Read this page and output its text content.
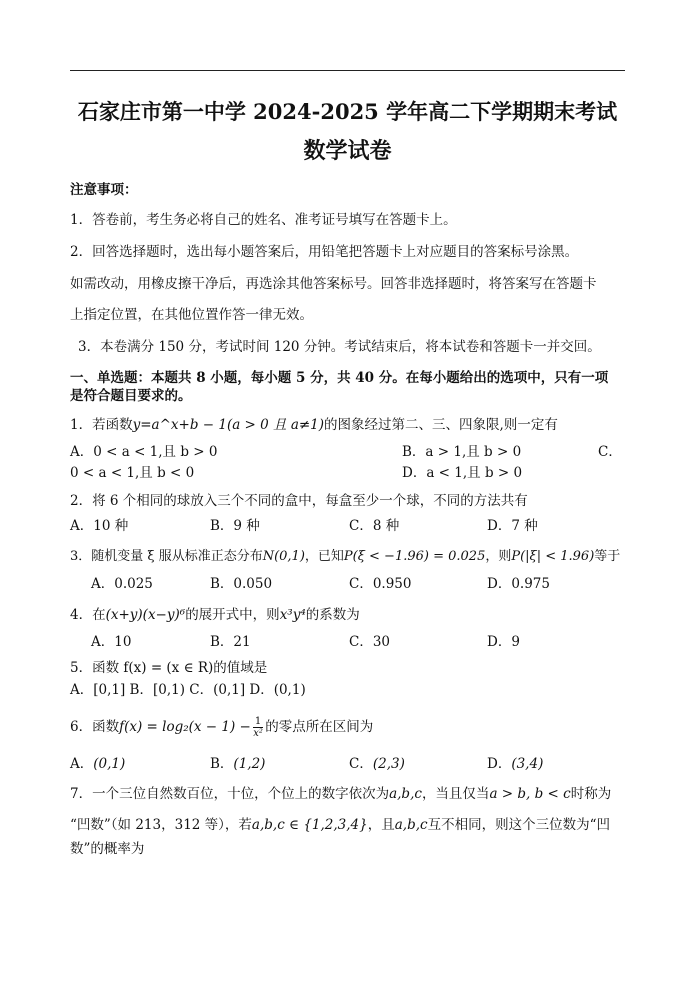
石家庄市第一中学 2024-2025 学年高二下学期期末考试
数学试卷
注意事项：
1．答卷前，考生务必将自己的姓名、准考证号填写在答题卡上。
2．回答选择题时，选出每小题答案后，用铅笔把答题卡上对应题目的答案标号涂黑。
如需改动，用橡皮擦干净后，再选涂其他答案标号。回答非选择题时，将答案写在答题卡
上指定位置，在其他位置作答一律无效。
3．本卷满分 150 分，考试时间 120 分钟。考试结束后，将本试卷和答题卡一并交回。
一、单选题：本题共 8 小题，每小题 5 分，共 40 分。在每小题给出的选项中，只有一项
是符合题目要求的。
1．若函数y=a^x+b − 1(a > 0 且 a≠1)的图象经过第二、三、四象限,则一定有
A．0 < a < 1,且 b > 0	B．a > 1,且 b > 0	C．
0 < a < 1,且 b < 0	D．a < 1,且 b > 0
2．将 6 个相同的球放入三个不同的盒中，每盒至少一个球，不同的方法共有
A．10 种	B．9 种	C．8 种	D．7 种
3．随机变量 ξ 服从标准正态分布N(0,1)，已知P(ξ < −1.96) = 0.025，则P(|ξ| < 1.96)等于
A．0.025	B．0.050	C．0.950	D．0.975
4．在(x+y)(x−y)⁶的展开式中，则x³y⁴的系数为
A．10	B．21	C．30	D．9
5．函数 f(x) = (x ∈ R)的值域是
A．[0,1] B．[0,1) C．(0,1] D．(0,1)
6．函数$f(x) = \log_2(x - 1) - \frac{1}{\text{x²}}$ 的零点所在区间为
A．(0,1)	B．(1,2)	C．(2,3)	D．(3,4)
7．一个三位自然数百位，十位，个位上的数字依次为a,b,c，当且仅当a > b, b < c时称为
“凹数”（如 213，312 等），若a,b,c ∈ {1,2,3,4}，且a,b,c互不相同，则这个三位数为“凹
数”的概率为
